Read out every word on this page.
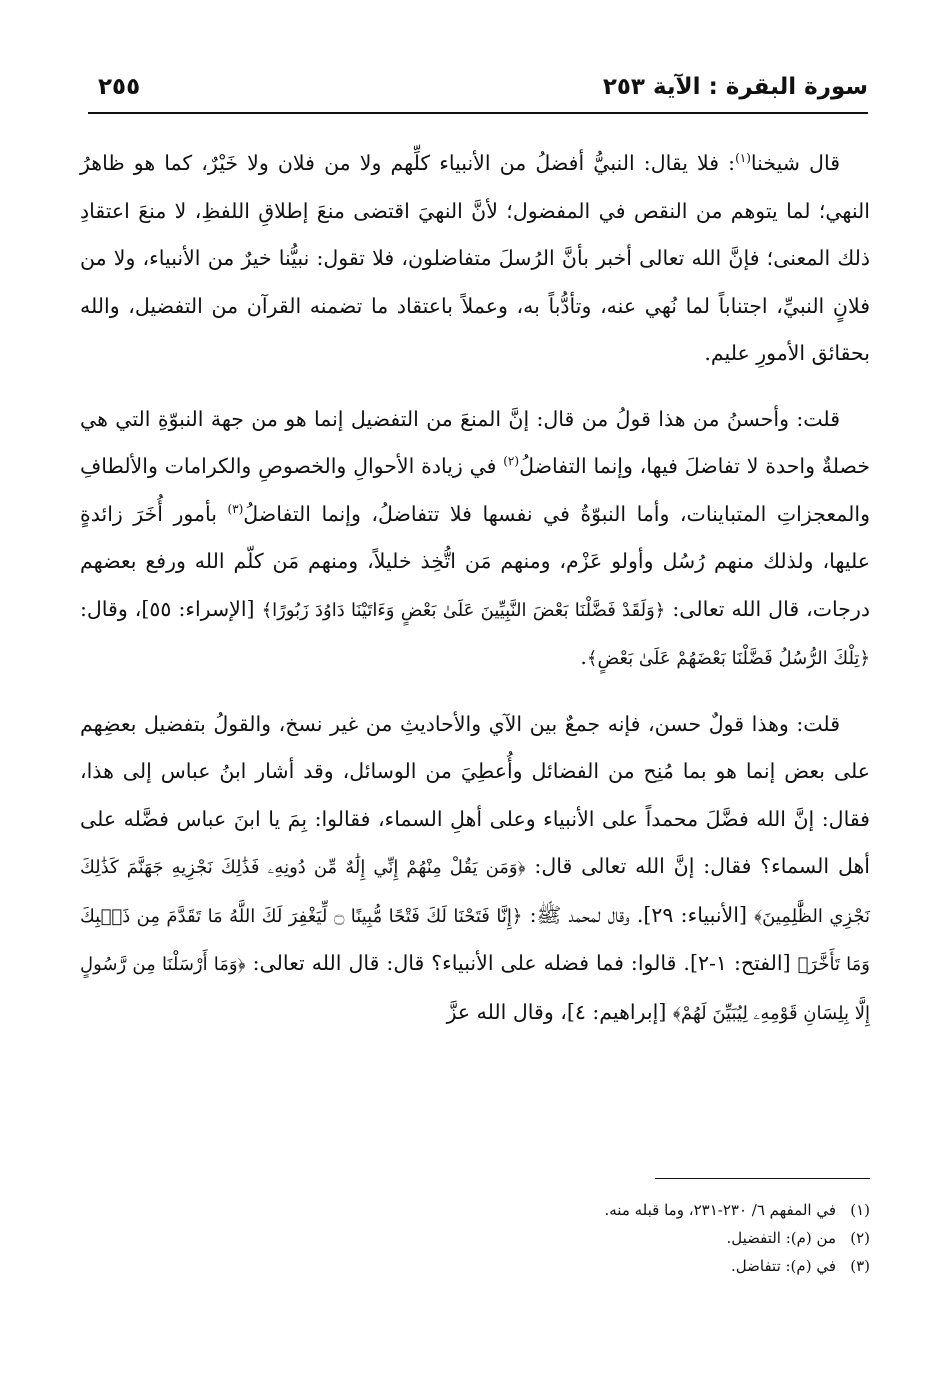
سورة البقرة : الآية ٢٥٣
٢٥٥

قال شيخنا$^{(١)}$: فلا يقال: النبيُّ أفضلُ من الأنبياء كلِّهم ولا من فلان ولا خَيْرٌ، كما هو ظاهرُ النهي؛ لما يتوهم من النقص في المفضول؛ لأنَّ النهيَ اقتضى منعَ إطلاقِ اللفظِ، لا منعَ اعتقادِ ذلك المعنى؛ فإنَّ الله تعالى أخبر بأنَّ الرُسلَ متفاضلون، فلا تقول: نبيُّنا خيرٌ من الأنبياء، ولا من فلانٍ النبيِّ، اجتناباً لما نُهي عنه، وتأدُّباً به، وعملاً باعتقاد ما تضمنه القرآن من التفضيل، والله بحقائق الأمورِ عليم.

قلت: وأحسنُ من هذا قولُ من قال: إنَّ المنعَ من التفضيل إنما هو من جهة النبوّةِ التي هي خصلةٌ واحدة لا تفاضلَ فيها، وإنما التفاضلُ$^{(٢)}$ في زيادة الأحوالِ والخصوصِ والكرامات والألطافِ والمعجزاتِ المتباينات، وأما النبوّةُ في نفسها فلا تتفاضلُ، وإنما التفاضلُ$^{(٣)}$ بأمور أُخَرَ زائدةٍ عليها، ولذلك منهم رُسُل وأولو عَزْم، ومنهم مَن اتُّخِذ خليلاً، ومنهم مَن كلّم الله ورفع بعضهم درجات، قال الله تعالى: ﴿وَلَقَدْ فَضَّلْنَا بَعْضَ النَّبِيِّينَ عَلَىٰ بَعْضٍ وَءَاتَيْنَا دَاوُدَ زَبُورًا﴾ [الإسراء: ٥٥]، وقال: ﴿تِلْكَ الرُّسُلُ فَضَّلْنَا بَعْضَهُمْ عَلَىٰ بَعْضٍ﴾.

قلت: وهذا قولٌ حسن، فإنه جمعٌ بين الآي والأحاديثِ من غير نسخ، والقولُ بتفضيل بعضِهم على بعض إنما هو بما مُنِح من الفضائل وأُعطِيَ من الوسائل، وقد أشار ابنُ عباس إلى هذا، فقال: إنَّ الله فضَّلَ محمداً على الأنبياء وعلى أهلِ السماء، فقالوا: بِمَ يا ابنَ عباس فضَّله على أهل السماء؟ فقال: إنَّ الله تعالى قال: ﴿وَمَن يَقُلْ مِنْهُمْ إِنِّي إِلَٰهٌ مِّن دُونِهِۦ فَذَٰلِكَ نَجْزِيهِ جَهَنَّمَ كَذَٰلِكَ نَجْزِي الظَّٰلِمِينَ﴾ [الأنبياء: ٢٩]. وقال لمحمد ﷺ: ﴿إِنَّا فَتَحْنَا لَكَ فَتْحًا مُّبِينًا ۝ لِّيَغْفِرَ لَكَ اللَّهُ مَا تَقَدَّمَ مِن ذَنۢبِكَ وَمَا تَأَخَّرَ﴾ [الفتح: ١-٢]. قالوا: فما فضله على الأنبياء؟ قال: قال الله تعالى: ﴿وَمَا أَرْسَلْنَا مِن رَّسُولٍ إِلَّا بِلِسَانِ قَوْمِهِۦ لِيُبَيِّنَ لَهُمْ﴾ [إبراهيم: ٤]، وقال الله عزَّ

(١)في المفهم ٦/ ٢٣٠-٢٣١، وما قبله منه.
(٢)من (م): التفضيل.
(٣)في (م): تتفاضل.
